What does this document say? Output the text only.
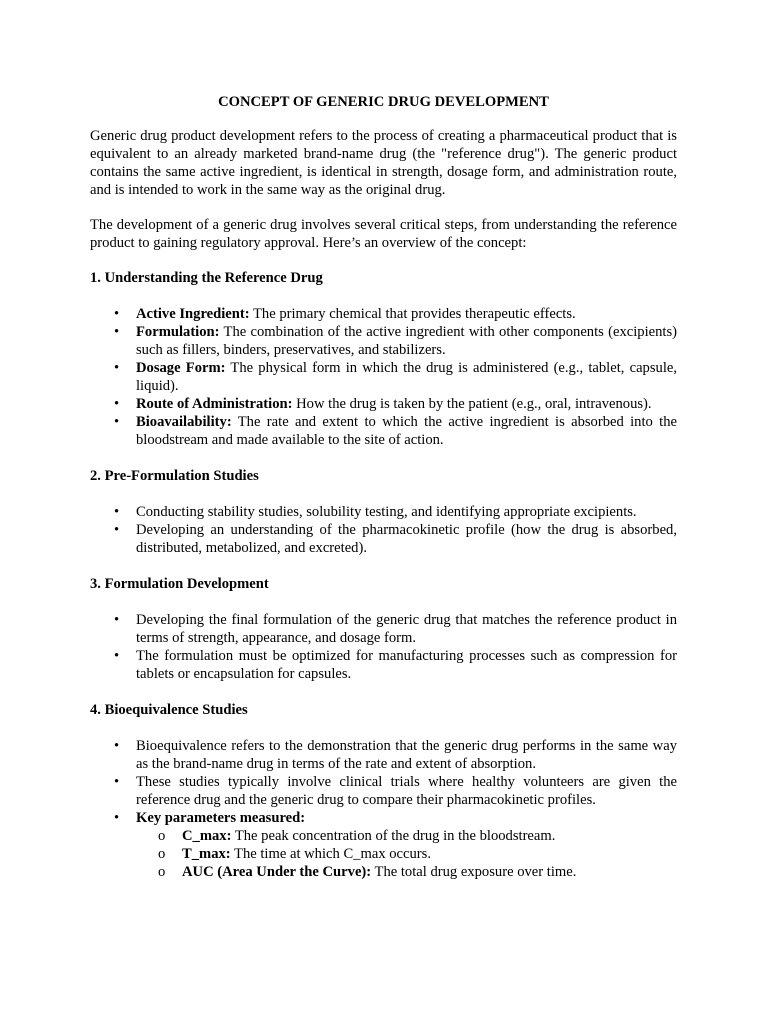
CONCEPT OF GENERIC DRUG DEVELOPMENT

Generic drug product development refers to the process of creating a pharmaceutical product that is equivalent to an already marketed brand-name drug (the "reference drug"). The generic product contains the same active ingredient, is identical in strength, dosage form, and administration route, and is intended to work in the same way as the original drug.

The development of a generic drug involves several critical steps, from understanding the reference product to gaining regulatory approval. Here’s an overview of the concept:

1. Understanding the Reference Drug
• Active Ingredient: The primary chemical that provides therapeutic effects.
• Formulation: The combination of the active ingredient with other components (excipients) such as fillers, binders, preservatives, and stabilizers.
• Dosage Form: The physical form in which the drug is administered (e.g., tablet, capsule, liquid).
• Route of Administration: How the drug is taken by the patient (e.g., oral, intravenous).
• Bioavailability: The rate and extent to which the active ingredient is absorbed into the bloodstream and made available to the site of action.
2. Pre-Formulation Studies
• Conducting stability studies, solubility testing, and identifying appropriate excipients.
• Developing an understanding of the pharmacokinetic profile (how the drug is absorbed, distributed, metabolized, and excreted).
3. Formulation Development
• Developing the final formulation of the generic drug that matches the reference product in terms of strength, appearance, and dosage form.
• The formulation must be optimized for manufacturing processes such as compression for tablets or encapsulation for capsules.
4. Bioequivalence Studies
• Bioequivalence refers to the demonstration that the generic drug performs in the same way as the brand-name drug in terms of the rate and extent of absorption.
• These studies typically involve clinical trials where healthy volunteers are given the reference drug and the generic drug to compare their pharmacokinetic profiles.
• Key parameters measured:
o C_max: The peak concentration of the drug in the bloodstream.
o T_max: The time at which C_max occurs.
o AUC (Area Under the Curve): The total drug exposure over time.
